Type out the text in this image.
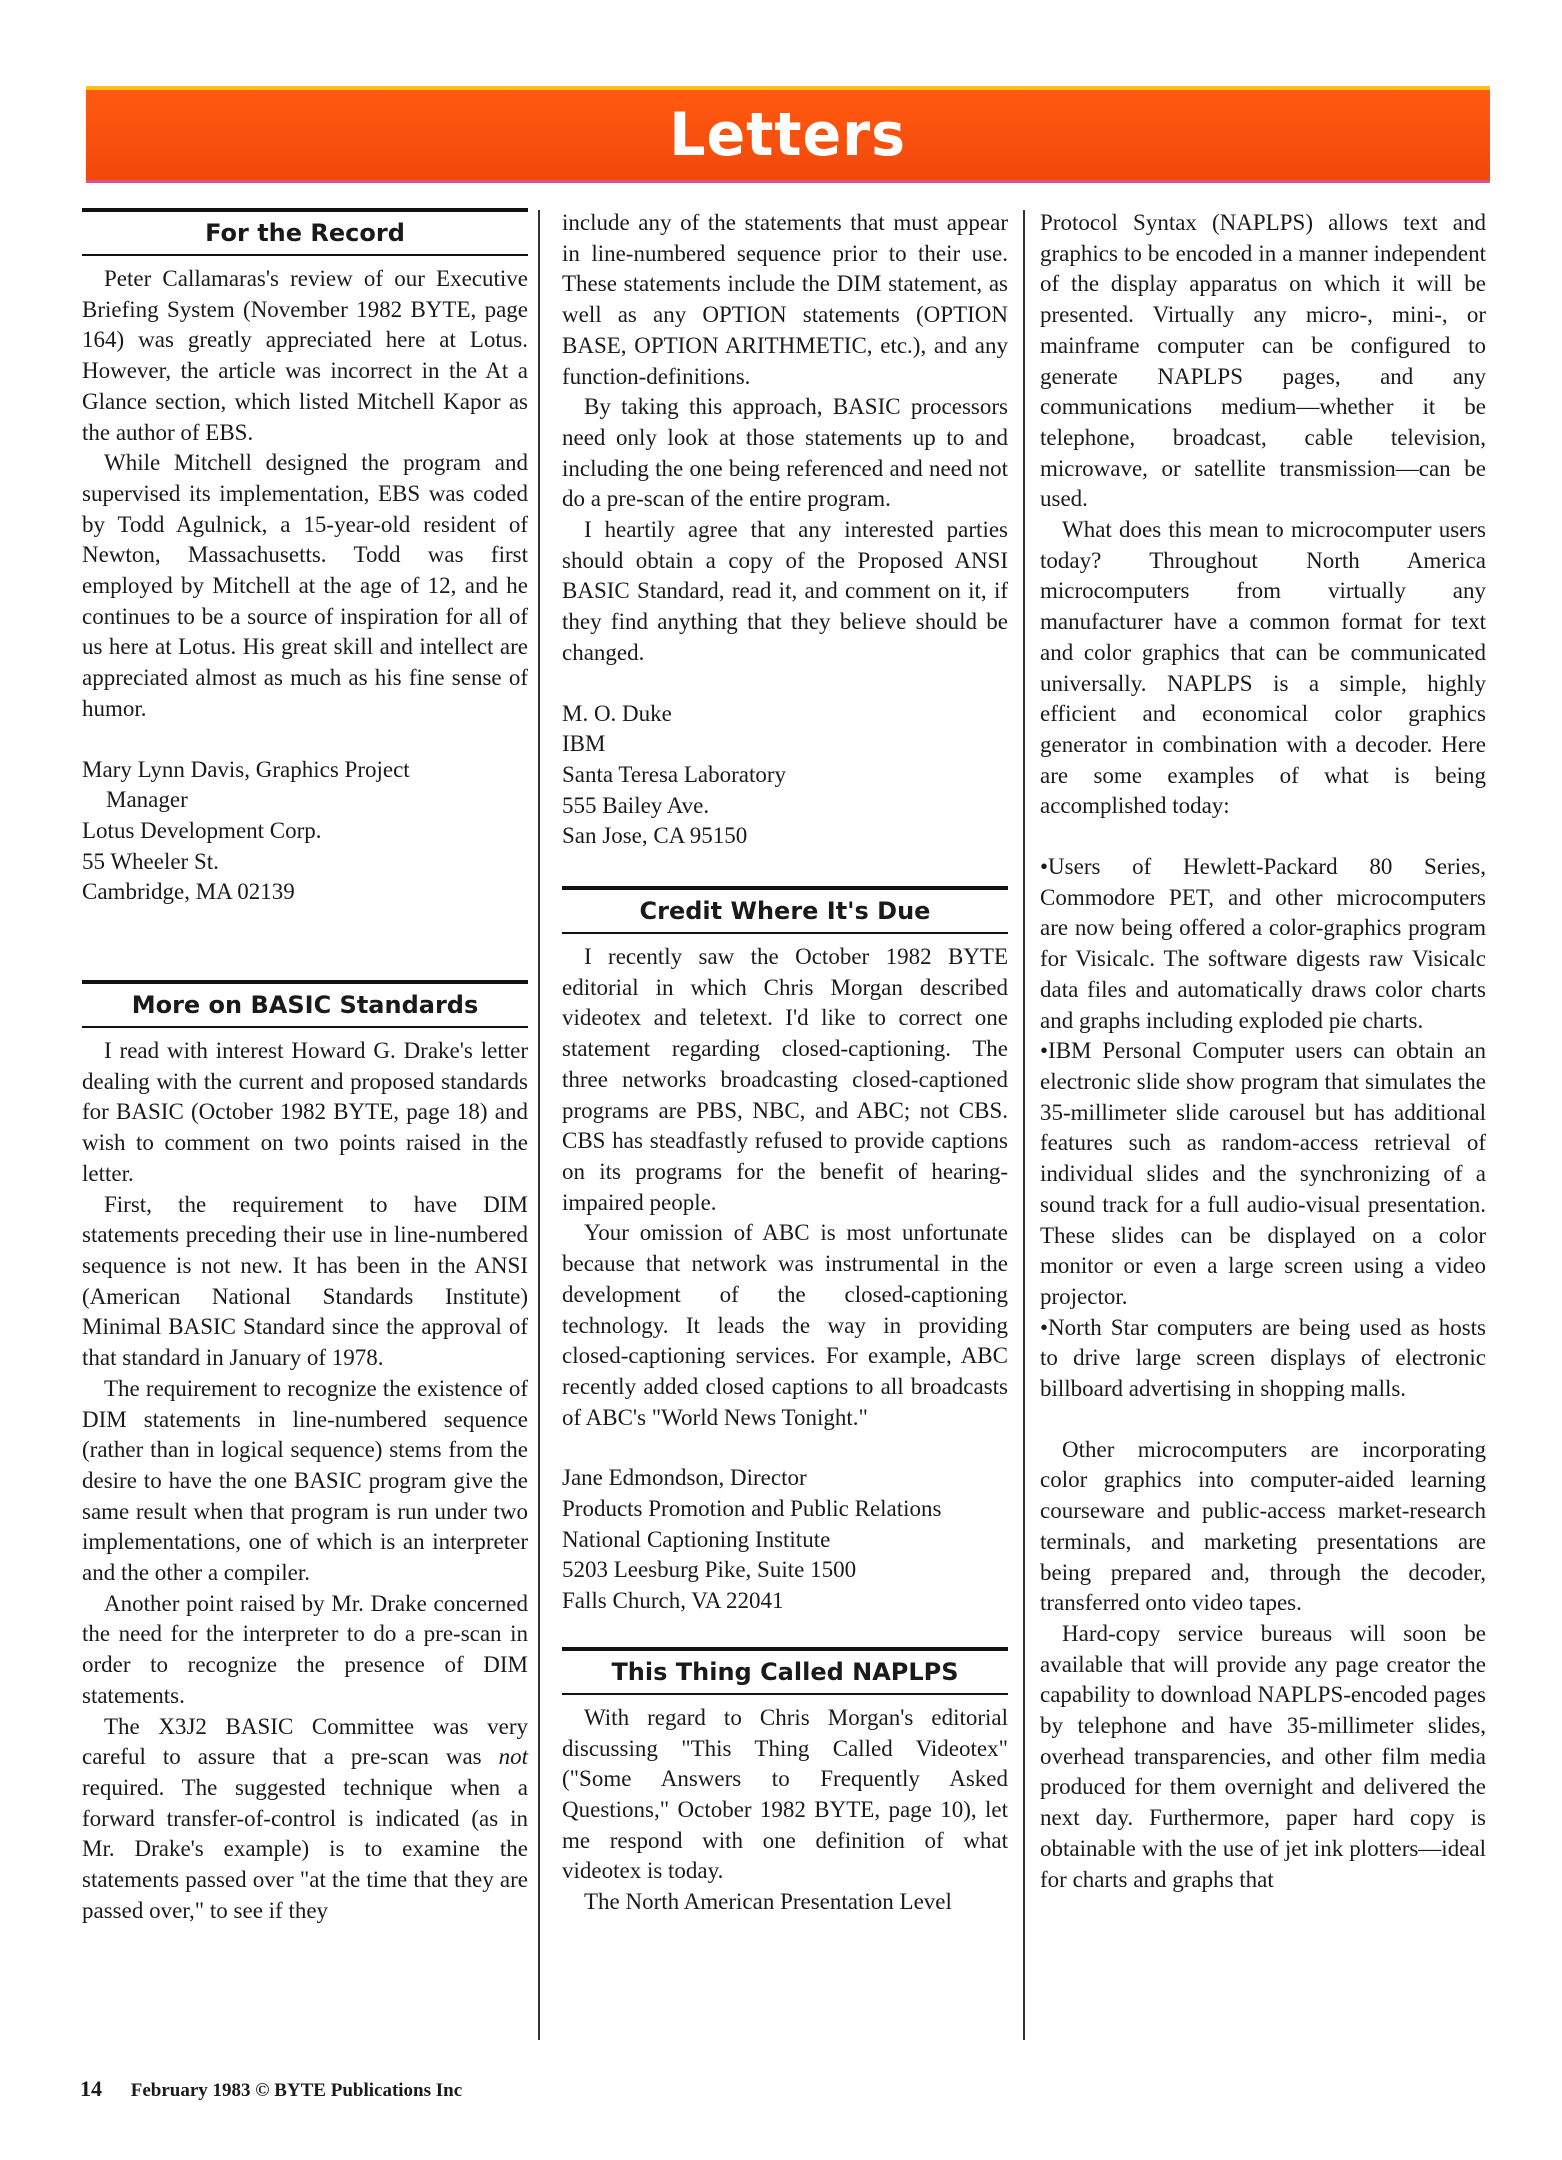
Letters
For the Record

Peter Callamaras's review of our Executive Briefing System (November 1982 BYTE, page 164) was greatly appreciated here at Lotus. However, the article was incorrect in the At a Glance section, which listed Mitchell Kapor as the author of EBS.

While Mitchell designed the program and supervised its implementation, EBS was coded by Todd Agulnick, a 15-year-old resident of Newton, Massachusetts. Todd was first employed by Mitchell at the age of 12, and he continues to be a source of inspiration for all of us here at Lotus. His great skill and intellect are appreciated almost as much as his fine sense of humor.

Mary Lynn Davis, Graphics Project
Manager
Lotus Development Corp.
55 Wheeler St.
Cambridge, MA 02139
More on BASIC Standards

I read with interest Howard G. Drake's letter dealing with the current and proposed standards for BASIC (October 1982 BYTE, page 18) and wish to comment on two points raised in the letter.

First, the requirement to have DIM statements preceding their use in line-numbered sequence is not new. It has been in the ANSI (American National Standards Institute) Minimal BASIC Standard since the approval of that standard in January of 1978.

The requirement to recognize the existence of DIM statements in line-numbered sequence (rather than in logical sequence) stems from the desire to have the one BASIC program give the same result when that program is run under two implementations, one of which is an interpreter and the other a compiler.

Another point raised by Mr. Drake concerned the need for the interpreter to do a pre-scan in order to recognize the presence of DIM statements.

The X3J2 BASIC Committee was very careful to assure that a pre-scan was not required. The suggested technique when a forward transfer-of-control is indicated (as in Mr. Drake's example) is to examine the statements passed over "at the time that they are passed over," to see if they

include any of the statements that must appear in line-numbered sequence prior to their use. These statements include the DIM statement, as well as any OPTION statements (OPTION BASE, OPTION ARITHMETIC, etc.), and any function-definitions.

By taking this approach, BASIC processors need only look at those statements up to and including the one being referenced and need not do a pre-scan of the entire program.

I heartily agree that any interested parties should obtain a copy of the Proposed ANSI BASIC Standard, read it, and comment on it, if they find anything that they believe should be changed.

M. O. Duke
IBM
Santa Teresa Laboratory
555 Bailey Ave.
San Jose, CA 95150
Credit Where It's Due

I recently saw the October 1982 BYTE editorial in which Chris Morgan described videotex and teletext. I'd like to correct one statement regarding closed-captioning. The three networks broadcasting closed-captioned programs are PBS, NBC, and ABC; not CBS. CBS has steadfastly refused to provide captions on its programs for the benefit of hearing-impaired people.

Your omission of ABC is most unfortunate because that network was instrumental in the development of the closed-captioning technology. It leads the way in providing closed-captioning services. For example, ABC recently added closed captions to all broadcasts of ABC's "World News Tonight."

Jane Edmondson, Director
Products Promotion and Public Relations
National Captioning Institute
5203 Leesburg Pike, Suite 1500
Falls Church, VA 22041
This Thing Called NAPLPS

With regard to Chris Morgan's editorial discussing "This Thing Called Videotex" ("Some Answers to Frequently Asked Questions," October 1982 BYTE, page 10), let me respond with one definition of what videotex is today.

The North American Presentation Level

Protocol Syntax (NAPLPS) allows text and graphics to be encoded in a manner independent of the display apparatus on which it will be presented. Virtually any micro-, mini-, or mainframe computer can be configured to generate NAPLPS pages, and any communications medium—whether it be telephone, broadcast, cable television, microwave, or satellite transmission—can be used.

What does this mean to microcomputer users today? Throughout North America microcomputers from virtually any manufacturer have a common format for text and color graphics that can be communicated universally. NAPLPS is a simple, highly efficient and economical color graphics generator in combination with a decoder. Here are some examples of what is being accomplished today:

•Users of Hewlett-Packard 80 Series, Commodore PET, and other microcomputers are now being offered a color-graphics program for Visicalc. The software digests raw Visicalc data files and automatically draws color charts and graphs including exploded pie charts.

•IBM Personal Computer users can obtain an electronic slide show program that simulates the 35-millimeter slide carousel but has additional features such as random-access retrieval of individual slides and the synchronizing of a sound track for a full audio-visual presentation. These slides can be displayed on a color monitor or even a large screen using a video projector.

•North Star computers are being used as hosts to drive large screen displays of electronic billboard advertising in shopping malls.

Other microcomputers are incorporating color graphics into computer-aided learning courseware and public-access market-research terminals, and marketing presentations are being prepared and, through the decoder, transferred onto video tapes.

Hard-copy service bureaus will soon be available that will provide any page creator the capability to download NAPLPS-encoded pages by telephone and have 35-millimeter slides, overhead transparencies, and other film media produced for them overnight and delivered the next day. Furthermore, paper hard copy is obtainable with the use of jet ink plotters—ideal for charts and graphs that

14 February 1983 © BYTE Publications Inc
